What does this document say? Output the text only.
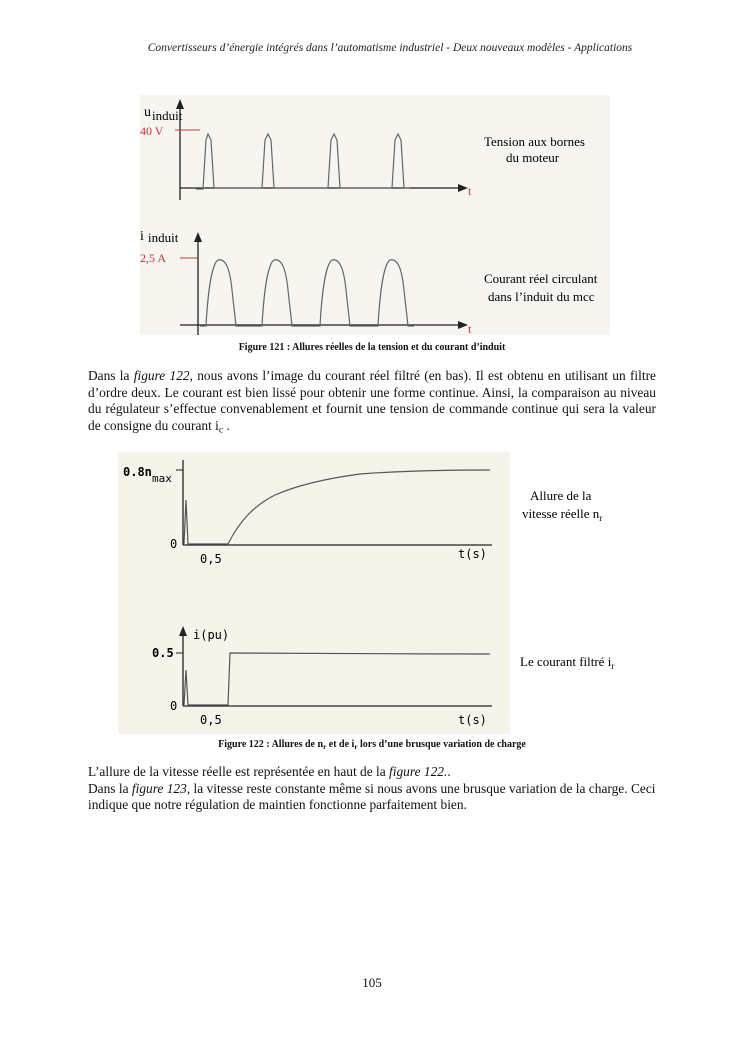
Convertisseurs d’énergie intégrés dans l’automatisme industriel - Deux nouveaux modèles - Applications
u induit
40 V
t
i induit
2,5 A
t
Tension aux bornes
du moteur
Courant réel circulant
dans l’induit du mcc
0.8n max
0
0,5	t(s)
i(pu)
0.5
0
0,5	t(s)
Allure de la
vitesse réelle $n_r$
Le courant filtré $i_r$
Figure 121 : Allures réelles de la tension et du courant d’induit
Dans la figure 122, nous avons l’image du courant réel filtré (en bas). Il est obtenu en utilisant un filtre d’ordre deux. Le courant est bien lissé pour obtenir une forme continue. Ainsi, la comparaison au niveau du régulateur s’effectue convenablement et fournit une tension de commande continue qui sera la valeur de consigne du courant $i_c$ .
Figure 122 : Allures de $n_r$ et de $i_r$ lors d’une brusque variation de charge
L’allure de la vitesse réelle est représentée en haut de la figure 122..
Dans la figure 123, la vitesse reste constante même si nous avons une brusque variation de la charge. Ceci indique que notre régulation de maintien fonctionne parfaitement bien.
105
